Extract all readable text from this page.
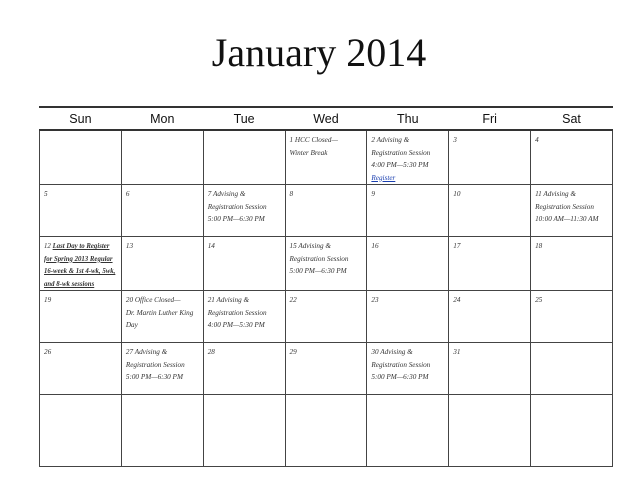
January 2014
Sun	Mon	Tue	Wed	Thu	Fri	Sat
			1 HCC Closed—
Winter Break	2 Advising &
Registration Session
4:00 PM—5:30 PM
Register	3	4
5	6	7 Advising &
Registration Session
5:00 PM—6:30 PM	8	9	10	11 Advising &
Registration Session
10:00 AM—11:30 AM
12 Last Day to Register for Spring 2013 Regular 16-week & 1st 4-wk, 5wk, and 8-wk sessions	13	14	15 Advising &
Registration Session
5:00 PM—6:30 PM	16	17	18
19	20 Office Closed—
Dr. Martin Luther King
Day	21 Advising &
Registration Session
4:00 PM—5:30 PM	22	23	24	25
26	27 Advising &
Registration Session
5:00 PM—6:30 PM	28	29	30 Advising &
Registration Session
5:00 PM—6:30 PM	31	
